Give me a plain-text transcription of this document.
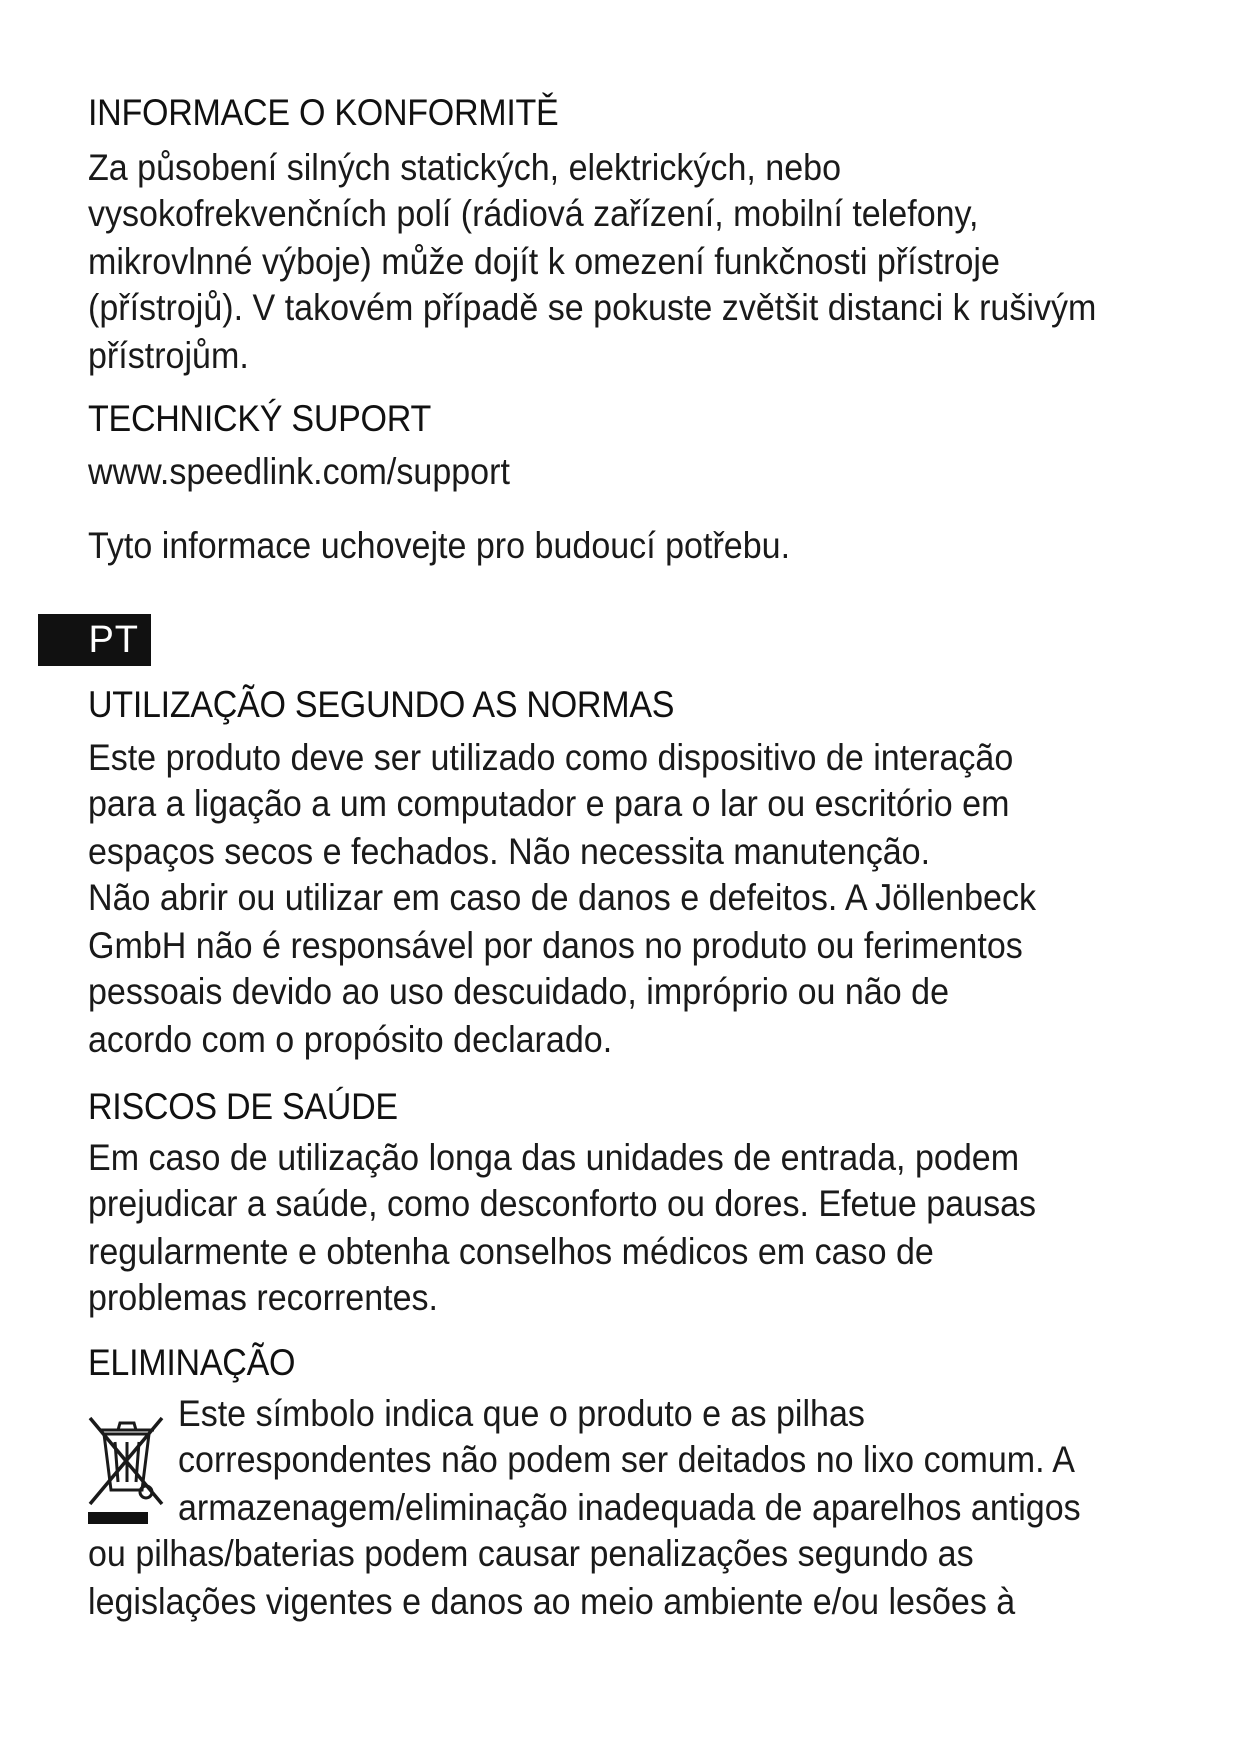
INFORMACE O KONFORMITĚ
Za působení silných statických, elektrických, nebo
vysokofrekvenčních polí (rádiová zařízení, mobilní telefony,
mikrovlnné výboje) může dojít k omezení funkčnosti přístroje
(přístrojů). V takovém případě se pokuste zvětšit distanci k rušivým
přístrojům.
TECHNICKÝ SUPORT
www.speedlink.com/support
Tyto informace uchovejte pro budoucí potřebu.
PT
UTILIZAÇÃO SEGUNDO AS NORMAS
Este produto deve ser utilizado como dispositivo de interação
para a ligação a um computador e para o lar ou escritório em
espaços secos e fechados. Não necessita manutenção.
Não abrir ou utilizar em caso de danos e defeitos. A Jöllenbeck
GmbH não é responsável por danos no produto ou ferimentos
pessoais devido ao uso descuidado, impróprio ou não de
acordo com o propósito declarado.
RISCOS DE SAÚDE
Em caso de utilização longa das unidades de entrada, podem
prejudicar a saúde, como desconforto ou dores. Efetue pausas
regularmente e obtenha conselhos médicos em caso de
problemas recorrentes.
ELIMINAÇÃO
Este símbolo indica que o produto e as pilhas
correspondentes não podem ser deitados no lixo comum. A
armazenagem/eliminação inadequada de aparelhos antigos
ou pilhas/baterias podem causar penalizações segundo as
legislações vigentes e danos ao meio ambiente e/ou lesões à
